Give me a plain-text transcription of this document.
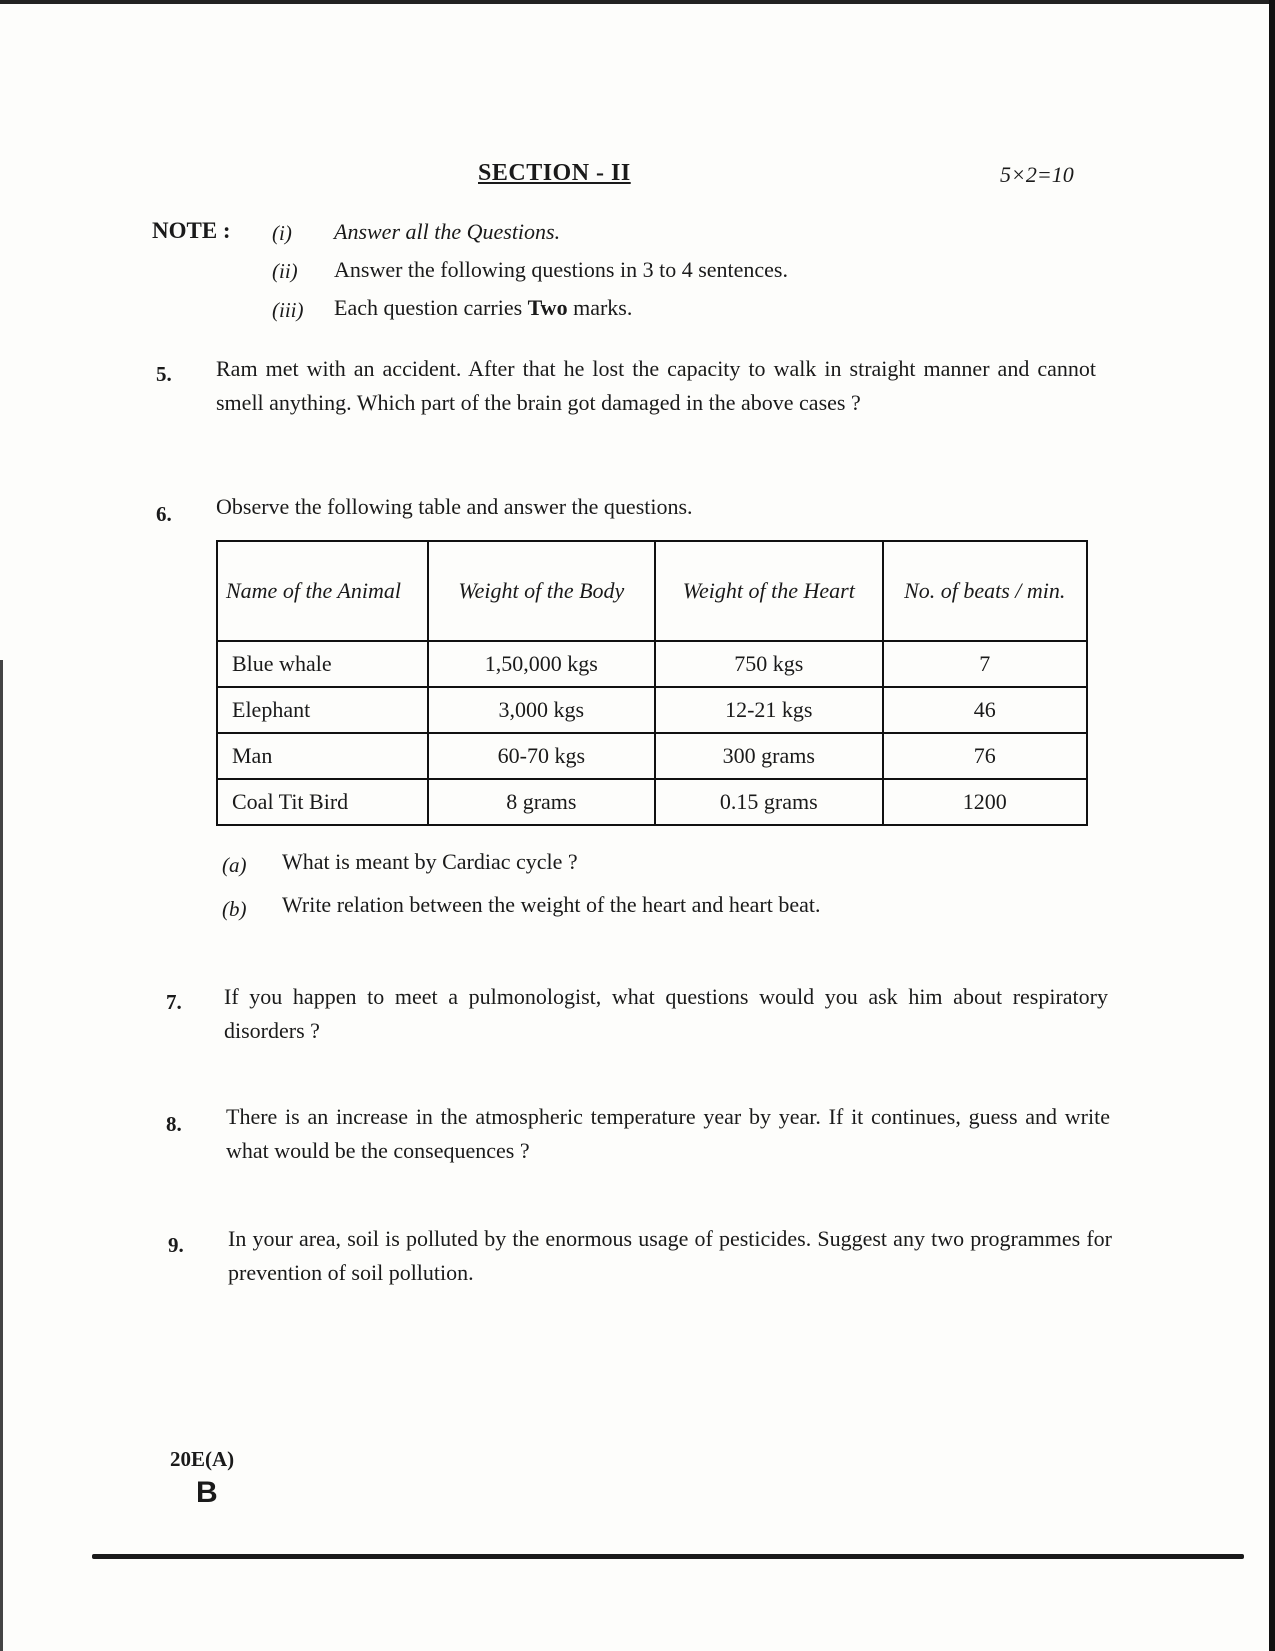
SECTION - II	5×2=10
NOTE : (i) Answer all the Questions.
(ii) Answer the following questions in 3 to 4 sentences.
(iii) Each question carries Two marks.
5. Ram met with an accident. After that he lost the capacity to walk in straight manner and cannot smell anything. Which part of the brain got damaged in the above cases ?
6. Observe the following table and answer the questions.
Name of the Animal	Weight of the Body	Weight of the Heart	No. of beats / min.
Blue whale	1,50,000 kgs	750 kgs	7
Elephant	3,000 kgs	12-21 kgs	46
Man	60-70 kgs	300 grams	76
Coal Tit Bird	8 grams	0.15 grams	1200
(a) What is meant by Cardiac cycle ?
(b) Write relation between the weight of the heart and heart beat.
7. If you happen to meet a pulmonologist, what questions would you ask him about respiratory disorders ?
8. There is an increase in the atmospheric temperature year by year. If it continues, guess and write what would be the consequences ?
9. In your area, soil is polluted by the enormous usage of pesticides. Suggest any two programmes for prevention of soil pollution.
20E(A)
B
